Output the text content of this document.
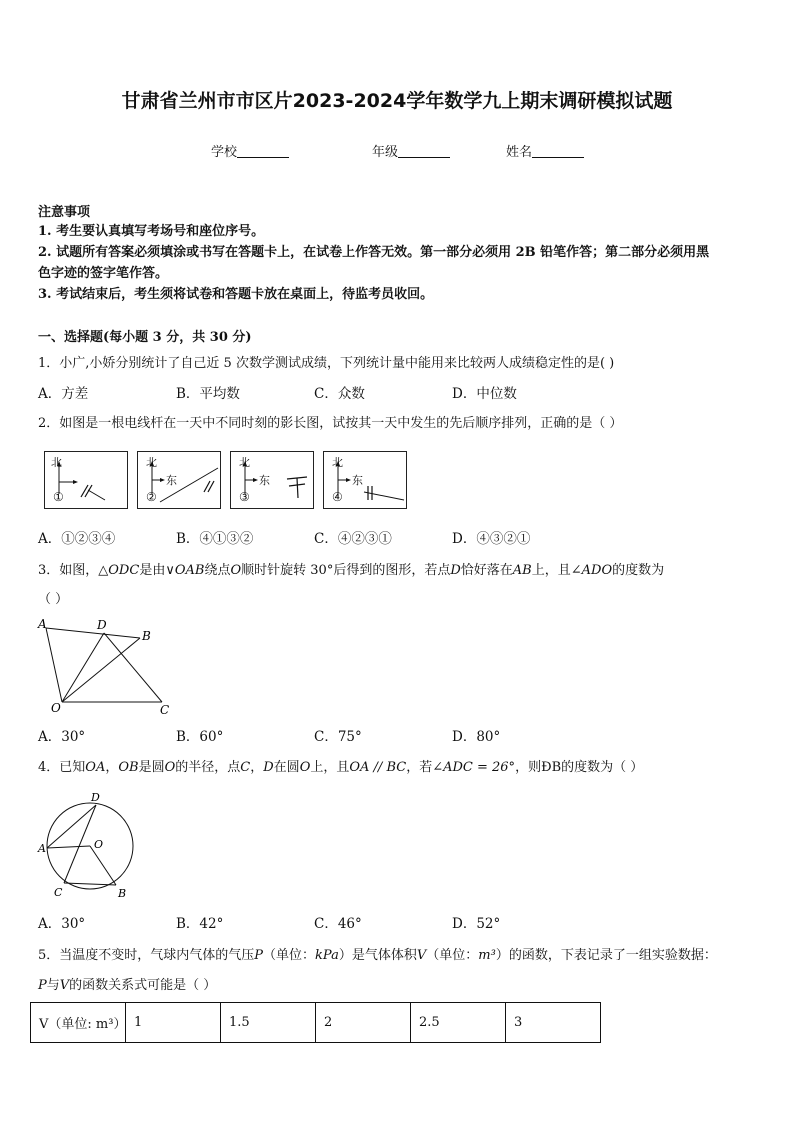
甘肃省兰州市市区片2023-2024学年数学九上期末调研模拟试题
学校	年级	姓名
注意事项
1. 考生要认真填写考场号和座位序号。
2. 试题所有答案必须填涂或书写在答题卡上，在试卷上作答无效。第一部分必须用 2B 铅笔作答；第二部分必须用黑
色字迹的签字笔作答。
3. 考试结束后，考生须将试卷和答题卡放在桌面上，待监考员收回。
一、选择题(每小题 3 分，共 30 分)
1．小广,小娇分别统计了自己近 5 次数学测试成绩，下列统计量中能用来比较两人成绩稳定性的是( )
A．方差	B．平均数	C．众数	D．中位数
2．如图是一根电线杆在一天中不同时刻的影长图，试按其一天中发生的先后顺序排列，正确的是（ ）
北
①
北
东
②
北
东
③
北
东
④
A．①②③④	B．④①③②	C．④②③①	D．④③②①
3．如图，△ODC是由∨OAB绕点O顺时针旋转 30°后得到的图形，若点D恰好落在AB上，且∠ADO的度数为
（ ）
A	D
B
O	C
A．30°	B．60°	C．75°	D．80°
4．已知OA，OB是圆O的半径，点C，D在圆O上，且OA // BC，若∠ADC = 26°，则ÐB的度数为（ ）
D
A	O
C	B
A．30°	B．42°	C．46°	D．52°
5．当温度不变时，气球内气体的气压P（单位：kPa）是气体体积V（单位：m³）的函数，下表记录了一组实验数据：
P与V的函数关系式可能是（ ）
V（单位: m³）	1	1.5	2	2.5	3
